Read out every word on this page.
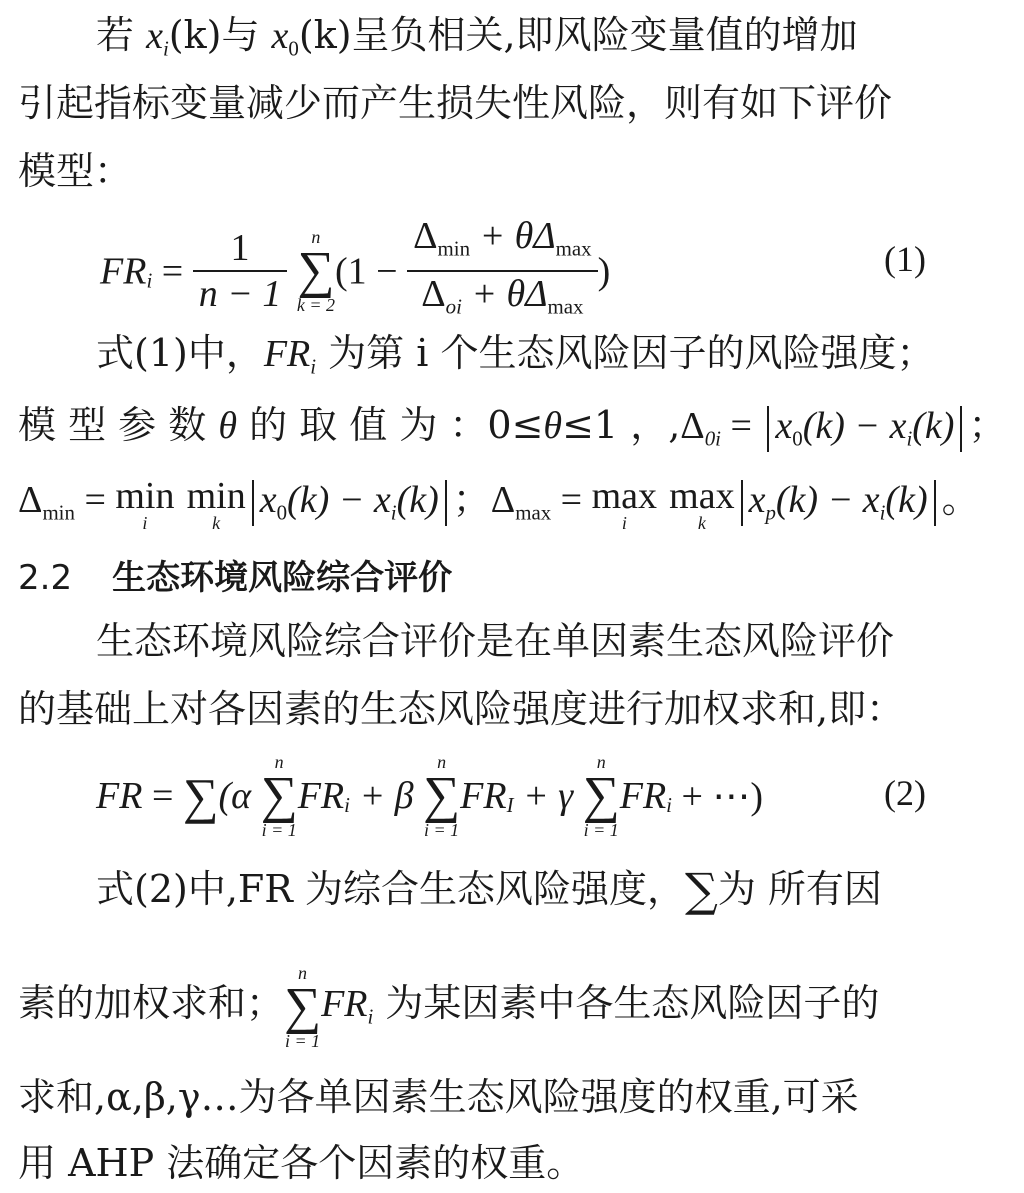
若 $x_i(k)$与 $x_0(k)$呈负相关,即风险变量值的增加
引起指标变量减少而产生损失性风险，则有如下评价
模型：
$FR_i = \frac{1}{n - 1}$
	n
∑
k = 2
($1 - \frac{\Delta_{min} + \theta\Delta_{max}}{\Delta_{oi} + \theta\Delta_{max}}$ )	(1)
式(1)中，$FR_i$ 为第 i 个生态风险因子的风险强度；
模 型 参 数 θ 的 取 值 为 ：0≤θ≤1 ，$,\Delta_{0i} = x_0(k) - x_i(k)$ ；
$\Delta_{min} = \min$
i

min
k
$x_0(k) - x_i(k)$ ；$\Delta_{max} = \max$
i

max
k
$x_p(k) - x_i(k)$ 。
2.2 生态环境风险综合评价
生态环境风险综合评价是在单因素生态风险评价
的基础上对各因素的生态风险强度进行加权求和,即：
FR = ∑(α
n
∑
i = 1
$FR_i + \beta$
n
∑
i = 1
$FR_I + \gamma$
n
∑
i = 1
$FR_i$ + ⋯)	(2)
式(2)中,FR 为综合生态风险强度，∑为 所有因
素的加权求和；
n
∑
i = 1
$FR_i$ 为某因素中各生态风险因子的
求和,α,β,γ…为各单因素生态风险强度的权重,可采
用 AHP 法确定各个因素的权重。
